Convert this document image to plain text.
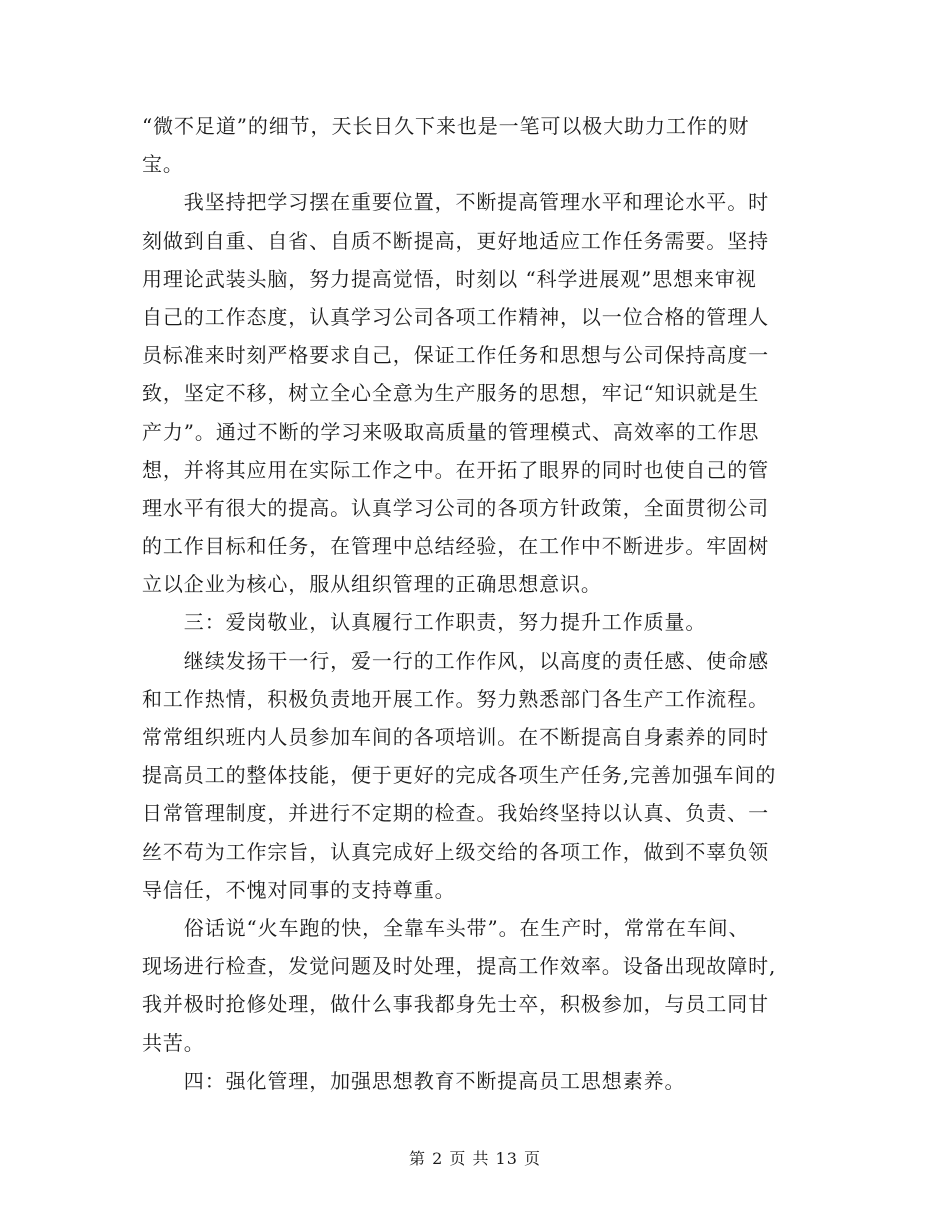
“微不足道”的细节，天长日久下来也是一笔可以极大助力工作的财
宝。
　　我坚持把学习摆在重要位置，不断提高管理水平和理论水平。时
刻做到自重、自省、自质不断提高，更好地适应工作任务需要。坚持
用理论武装头脑，努力提高觉悟，时刻以 “科学进展观”思想来审视
自己的工作态度，认真学习公司各项工作精神，以一位合格的管理人
员标准来时刻严格要求自己，保证工作任务和思想与公司保持高度一
致，坚定不移，树立全心全意为生产服务的思想，牢记“知识就是生
产力”。通过不断的学习来吸取高质量的管理模式、高效率的工作思
想，并将其应用在实际工作之中。在开拓了眼界的同时也使自己的管
理水平有很大的提高。认真学习公司的各项方针政策，全面贯彻公司
的工作目标和任务，在管理中总结经验，在工作中不断进步。牢固树
立以企业为核心，服从组织管理的正确思想意识。
　　三：爱岗敬业，认真履行工作职责，努力提升工作质量。
　　继续发扬干一行，爱一行的工作作风，以高度的责任感、使命感
和工作热情，积极负责地开展工作。努力熟悉部门各生产工作流程。
常常组织班内人员参加车间的各项培训。在不断提高自身素养的同时
提高员工的整体技能，便于更好的完成各项生产任务,完善加强车间的
日常管理制度，并进行不定期的检查。我始终坚持以认真、负责、一
丝不苟为工作宗旨，认真完成好上级交给的各项工作，做到不辜负领
导信任，不愧对同事的支持尊重。
　　俗话说“火车跑的快，全靠车头带”。在生产时，常常在车间、
现场进行检查，发觉问题及时处理，提高工作效率。设备出现故障时,
我并极时抢修处理，做什么事我都身先士卒，积极参加，与员工同甘
共苦。
　　四：强化管理，加强思想教育不断提高员工思想素养。
第 2 页 共 13 页
